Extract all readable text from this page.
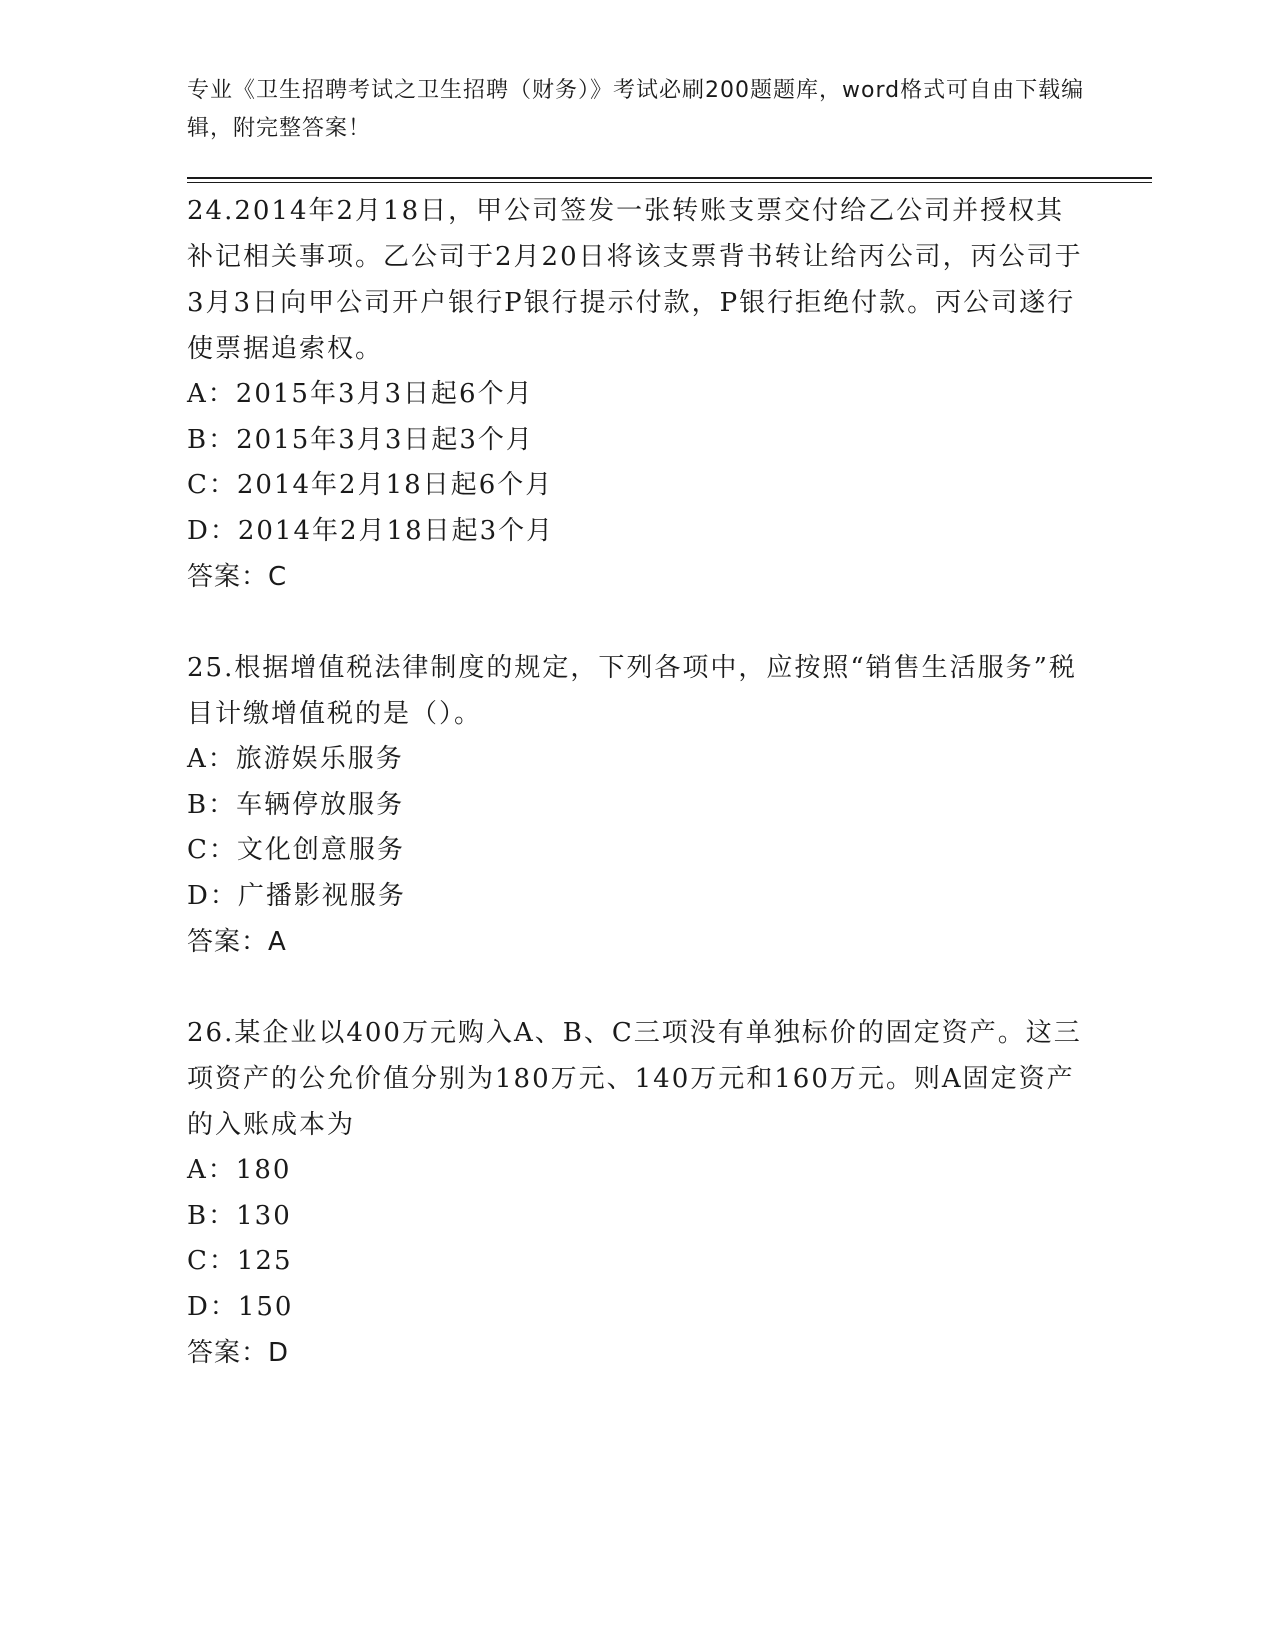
专业《卫生招聘考试之卫生招聘（财务）》考试必刷200题题库，word格式可自由下载编辑，附完整答案！

24.2014年2月18日，甲公司签发一张转账支票交付给乙公司并授权其补记相关事项。乙公司于2月20日将该支票背书转让给丙公司，丙公司于3月3日向甲公司开户银行P银行提示付款，P银行拒绝付款。丙公司遂行使票据追索权。

A：2015年3月3日起6个月

B：2015年3月3日起3个月

C：2014年2月18日起6个月

D：2014年2月18日起3个月

答案：C

25.根据增值税法律制度的规定，下列各项中，应按照“销售生活服务”税目计缴增值税的是（）。

A：旅游娱乐服务

B：车辆停放服务

C：文化创意服务

D：广播影视服务

答案：A

26.某企业以400万元购入A、B、C三项没有单独标价的固定资产。这三项资产的公允价值分别为180万元、140万元和160万元。则A固定资产的入账成本为

A：180

B：130

C：125

D：150

答案：D
